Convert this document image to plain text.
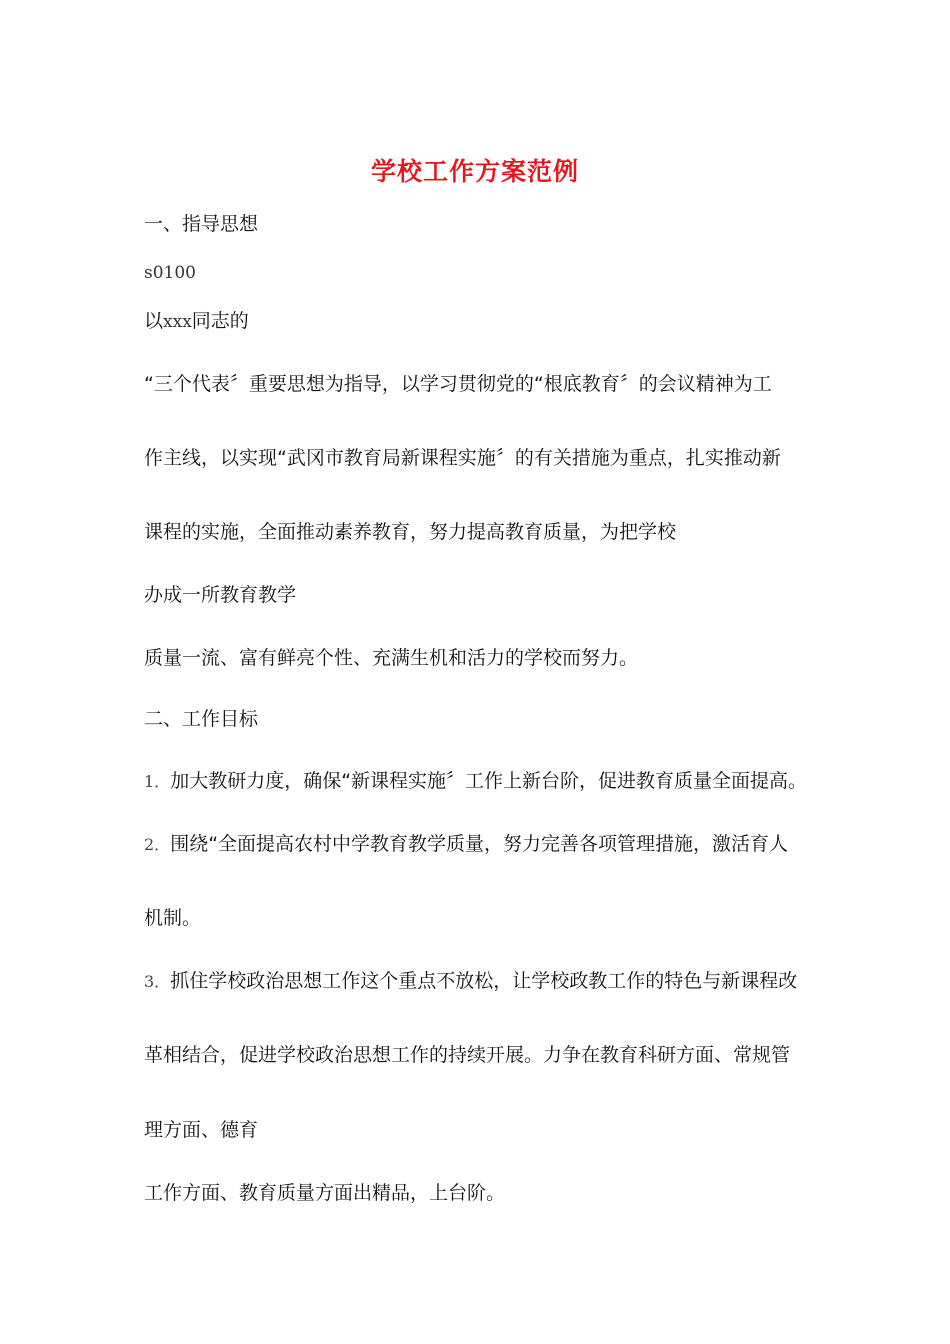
学校工作方案范例
一、指导思想
s0100
以xxx同志的
“三个代表〞重要思想为指导，以学习贯彻党的“根底教育〞的会议精神为工
作主线，以实现“武冈市教育局新课程实施〞的有关措施为重点，扎实推动新
课程的实施，全面推动素养教育，努力提高教育质量，为把学校
办成一所教育教学
质量一流、富有鲜亮个性、充满生机和活力的学校而努力。
二、工作目标
1．加大教研力度，确保“新课程实施〞工作上新台阶，促进教育质量全面提高。
2．围绕“全面提高农村中学教育教学质量，努力完善各项管理措施，激活育人
机制。
3．抓住学校政治思想工作这个重点不放松，让学校政教工作的特色与新课程改
革相结合，促进学校政治思想工作的持续开展。力争在教育科研方面、常规管
理方面、德育
工作方面、教育质量方面出精品，上台阶。
